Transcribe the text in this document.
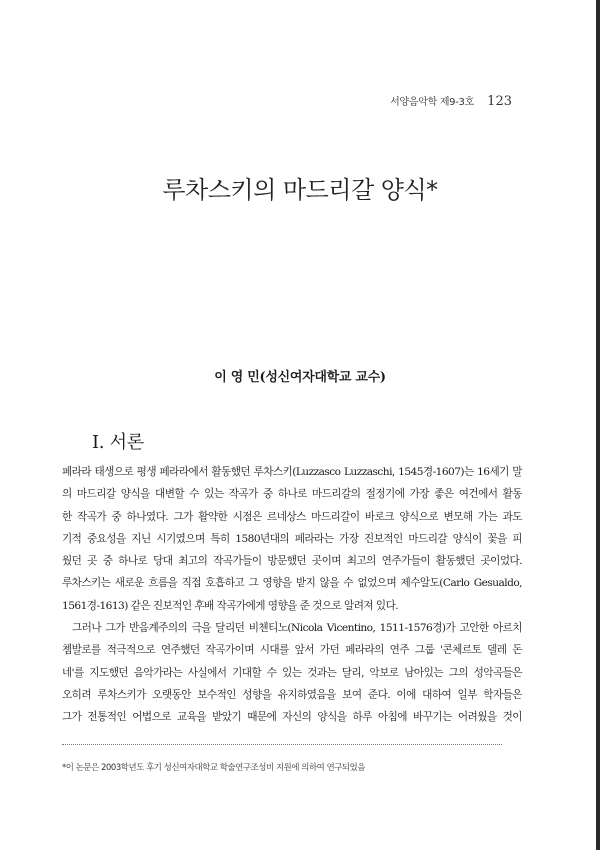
서양음악학 제9-3호 123
루차스키의 마드리갈 양식*

이 영 민(성신여자대학교 교수)

I. 서론

페라라 태생으로 평생 페라라에서 활동했던 루차스키(Luzzasco Luzzaschi, 1545경-1607)는 16세기 말

의 마드리갈 양식을 대변할 수 있는 작곡가 중 하나로 마드리갈의 절정기에 가장 좋은 여건에서 활동

한 작곡가 중 하나였다. 그가 활약한 시점은 르네상스 마드리갈이 바로크 양식으로 변모해 가는 과도

기적 중요성을 지닌 시기였으며 특히 1580년대의 페라라는 가장 진보적인 마드리갈 양식이 꽃을 피

웠던 곳 중 하나로 당대 최고의 작곡가들이 방문했던 곳이며 최고의 연주가들이 활동했던 곳이었다.

루차스키는 새로운 흐름을 직접 호흡하고 그 영향을 받지 않을 수 없었으며 제수알도(Carlo Gesualdo,

1561경-1613) 같은 진보적인 후배 작곡가에게 영향을 준 것으로 알려져 있다.

그러나 그가 반음계주의의 극을 달리던 비첸티노(Nicola Vicentino, 1511-1576경)가 고안한 아르치

쳄발로를 적극적으로 연주했던 작곡가이며 시대를 앞서 가던 페라라의 연주 그룹 '콘체르토 델레 돈

네'를 지도했던 음악가라는 사실에서 기대할 수 있는 것과는 달리, 악보로 남아있는 그의 성악곡들은

오히려 루차스키가 오랫동안 보수적인 성향을 유지하였음을 보여 준다. 이에 대하여 일부 학자들은

그가 전통적인 어법으로 교육을 받았기 때문에 자신의 양식을 하루 아침에 바꾸기는 어려웠을 것이

*이 논문은 2003학년도 후기 성신여자대학교 학술연구조성비 지원에 의하여 연구되었음
